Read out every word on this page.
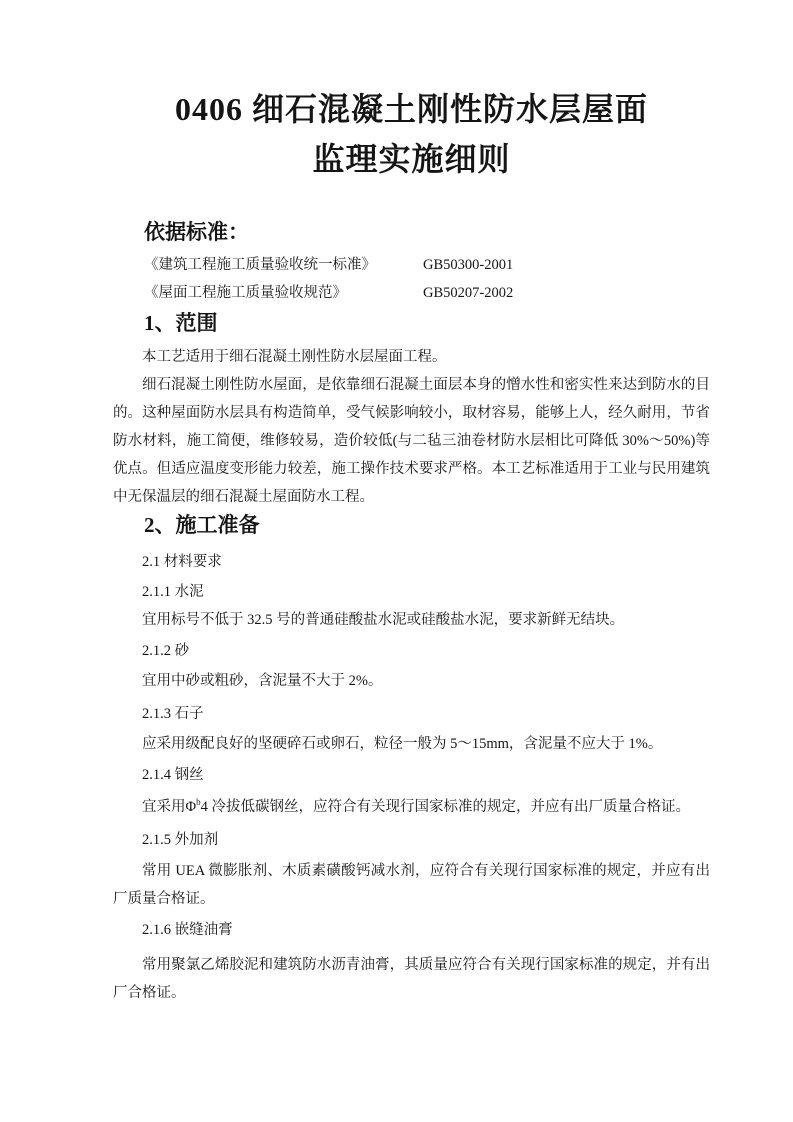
0406 细石混凝土刚性防水层屋面
监理实施细则
依据标准：
《建筑工程施工质量验收统一标准》	GB50300-2001
《屋面工程施工质量验收规范》	GB50207-2002
1、范围
本工艺适用于细石混凝土刚性防水层屋面工程。
细石混凝土刚性防水屋面，是依靠细石混凝土面层本身的憎水性和密实性来达到防水的目的。这种屋面防水层具有构造简单，受气候影响较小，取材容易，能够上人，经久耐用，节省防水材料，施工简便，维修较易，造价较低(与二毡三油卷材防水层相比可降低 30%～50%)等优点。但适应温度变形能力较差，施工操作技术要求严格。本工艺标准适用于工业与民用建筑中无保温层的细石混凝土屋面防水工程。
2、施工准备
2.1 材料要求
2.1.1 水泥
宜用标号不低于 32.5 号的普通硅酸盐水泥或硅酸盐水泥，要求新鲜无结块。
2.1.2 砂
宜用中砂或粗砂，含泥量不大于 2%。
2.1.3 石子
应采用级配良好的坚硬碎石或卵石，粒径一般为 5～15mm，含泥量不应大于 1%。
2.1.4 钢丝
宜采用$\Phi^b4$ 冷拔低碳钢丝，应符合有关现行国家标准的规定，并应有出厂质量合格证。
2.1.5 外加剂
常用 UEA 微膨胀剂、木质素磺酸钙减水剂，应符合有关现行国家标准的规定，并应有出厂质量合格证。
2.1.6 嵌缝油膏
常用聚氯乙烯胶泥和建筑防水沥青油膏，其质量应符合有关现行国家标准的规定，并有出厂合格证。
